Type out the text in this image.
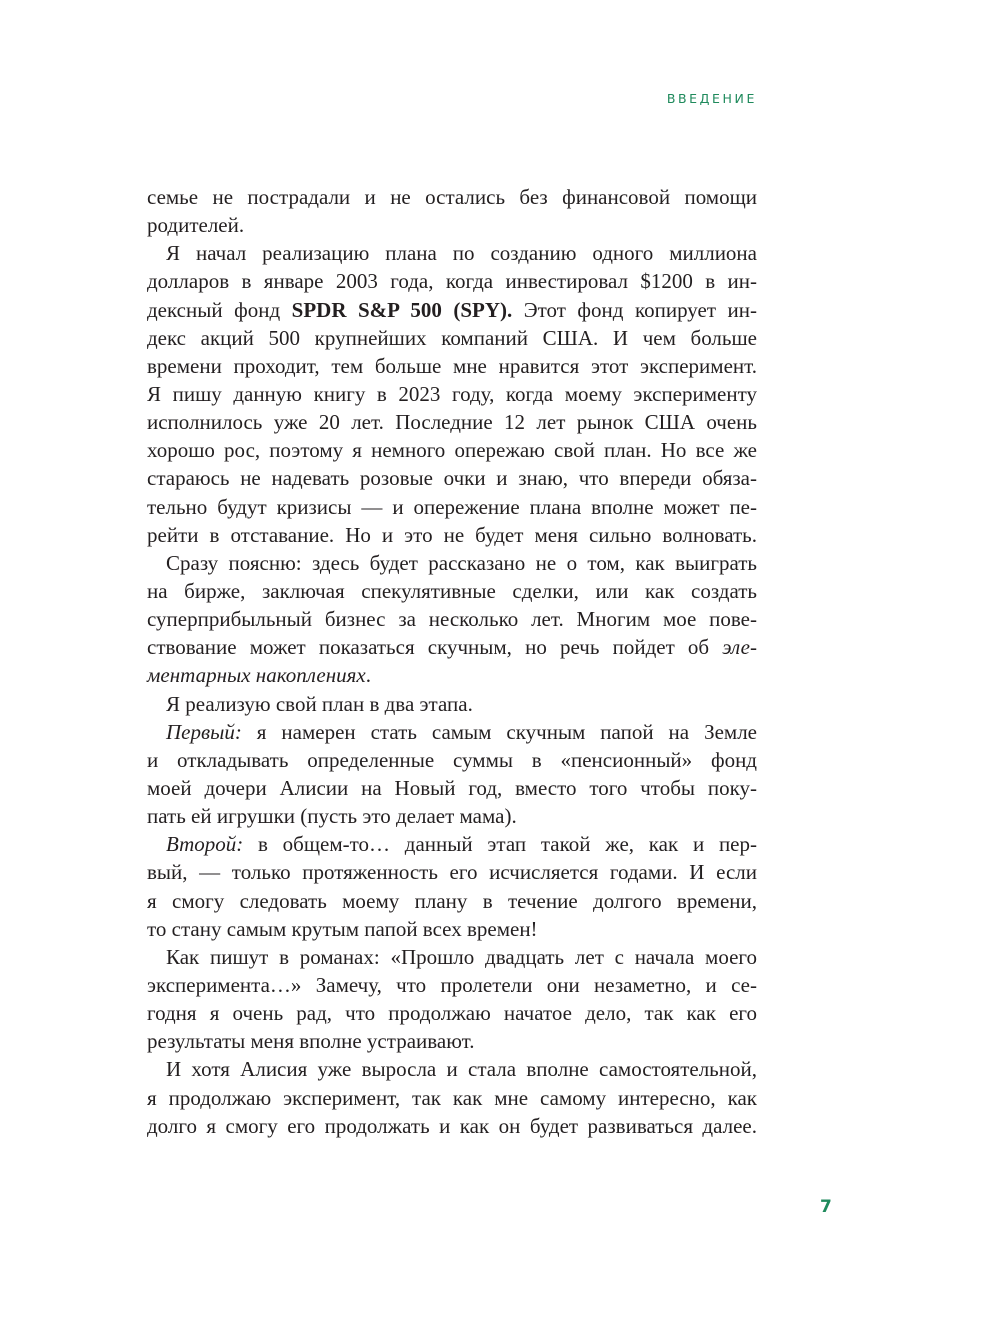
ВВЕДЕНИЕ
семье не пострадали и не остались без финансовой помощи
родителей.
Я начал реализацию плана по созданию одного миллиона
долларов в январе 2003 года, когда инвестировал $1200 в ин-
дексный фонд SPDR S&P 500 (SPY). Этот фонд копирует ин-
декс акций 500 крупнейших компаний США. И чем больше
времени проходит, тем больше мне нравится этот эксперимент.
Я пишу данную книгу в 2023 году, когда моему эксперименту
исполнилось уже 20 лет. Последние 12 лет рынок США очень
хорошо рос, поэтому я немного опережаю свой план. Но все же
стараюсь не надевать розовые очки и знаю, что впереди обяза-
тельно будут кризисы — и опережение плана вполне может пе-
рейти в отставание. Но и это не будет меня сильно волновать.
Сразу поясню: здесь будет рассказано не о том, как выиграть
на бирже, заключая спекулятивные сделки, или как создать
суперприбыльный бизнес за несколько лет. Многим мое пове-
ствование может показаться скучным, но речь пойдет об эле-
ментарных накоплениях.
Я реализую свой план в два этапа.
Первый: я намерен стать самым скучным папой на Земле
и откладывать определенные суммы в «пенсионный» фонд
моей дочери Алисии на Новый год, вместо того чтобы поку-
пать ей игрушки (пусть это делает мама).
Второй: в общем-то… данный этап такой же, как и пер-
вый, — только протяженность его исчисляется годами. И если
я смогу следовать моему плану в течение долгого времени,
то стану самым крутым папой всех времен!
Как пишут в романах: «Прошло двадцать лет с начала моего
эксперимента…» Замечу, что пролетели они незаметно, и се-
годня я очень рад, что продолжаю начатое дело, так как его
результаты меня вполне устраивают.
И хотя Алисия уже выросла и стала вполне самостоятельной,
я продолжаю эксперимент, так как мне самому интересно, как
долго я смогу его продолжать и как он будет развиваться далее.
7
